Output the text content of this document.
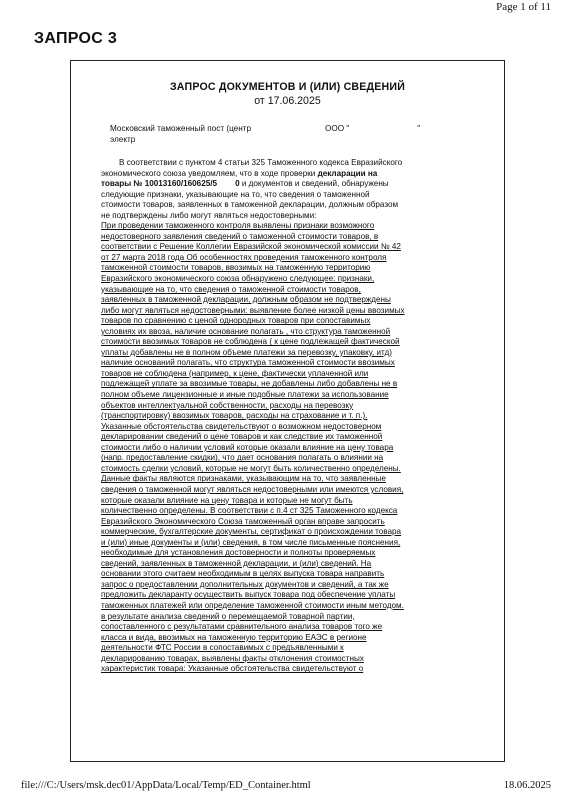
Page 1 of 11
ЗАПРОС 3
ЗАПРОС ДОКУМЕНТОВ И (ИЛИ) СВЕДЕНИЙ
от 17.06.2025
Московский таможенный пост (центр	ООО "	"
электр
В соответствии с пунктом 4 статьи 325 Таможенного кодекса Евразийского
экономического союза уведомляем, что в ходе проверки декларации на
товары № 10013160/160625/5        0 и документов и сведений, обнаружены
следующие признаки, указывающие на то, что сведения о таможенной
стоимости товаров, заявленных в таможенной декларации, должным образом
не подтверждены либо могут являться недостоверными:
При проведении таможенного контроля выявлены признаки возможного
недостоверного заявления сведений о таможенной стоимости товаров, в
соответствии с Решение Коллегии Евразийской экономической комиссии № 42
от 27 марта 2018 года Об особенностях проведения таможенного контроля
таможенной стоимости товаров, ввозимых на таможенную территорию
Евразийского экономического союза обнаружено следующее: признаки,
указывающие на то, что сведения о таможенной стоимости товаров,
заявленных в таможенной декларации, должным образом не подтверждены
либо могут являться недостоверными: выявление более низкой цены ввозимых
товаров по сравнению с ценой однородных товаров при сопоставимых
условиях их ввоза, наличие основание полагать , что структура таможенной
стоимости ввозимых товаров не соблюдена ( к цене подлежащей фактической
уплаты добавлены не в полном объеме платежи за перевозку, упаковку, итд)
наличие оснований полагать, что структура таможенной стоимости ввозимых
товаров не соблюдена (например, к цене, фактически уплаченной или
подлежащей уплате за ввозимые товары, не добавлены либо добавлены не в
полном объеме лицензионные и иные подобные платежи за использование
объектов интеллектуальной собственности, расходы на перевозку
(транспортировку) ввозимых товаров, расходы на страхование и т. п.).
Указанные обстоятельства свидетельствуют о возможном недостоверном
декларировании сведений о цене товаров и как следствие их таможенной
стоимости либо о наличии условий которые оказали влияние на цену товара
(напр. предоставление скидки), что дает основания полагать о влиянии на
стоимость сделки условий, которые не могут быть количественно определены.
Данные факты являются признаками, указывающим на то, что заявленные
сведения о таможенной могут являться недостоверными или имеются условия,
которые оказали влияние на цену товара и которые не могут быть
количественно определены. В соответствии с п.4 ст 325 Таможенного кодекса
Евразийского Экономического Союза таможенный орган вправе запросить
коммерческие, бухгалтерские документы, сертификат о происхождении товара
и (или) иные документы и (или) сведения, в том числе письменные пояснения,
необходимые для установления достоверности и полноты проверяемых
сведений, заявленных в таможенной декларации, и (или) сведений. На
основании этого считаем необходимым в целях выпуска товара направить
запрос о предоставлении дополнительных документов и сведений, а так же
предложить декларанту осуществить выпуск товара под обеспечение уплаты
таможенных платежей или определение таможенной стоимости иным методом.
в результате анализа сведений о перемещаемой товарной партии,
сопоставленного с результатами сравнительного анализа товаров того же
класса и вида, ввозимых на таможенную территорию ЕАЭС в регионе
деятельности ФТС России в сопоставимых с предъявленными к
декларированию товарах, выявлены факты отклонения стоимостных
характеристик товара: Указанные обстоятельства свидетельствуют о
file:///C:/Users/msk.dec01/AppData/Local/Temp/ED_Container.html	18.06.2025
